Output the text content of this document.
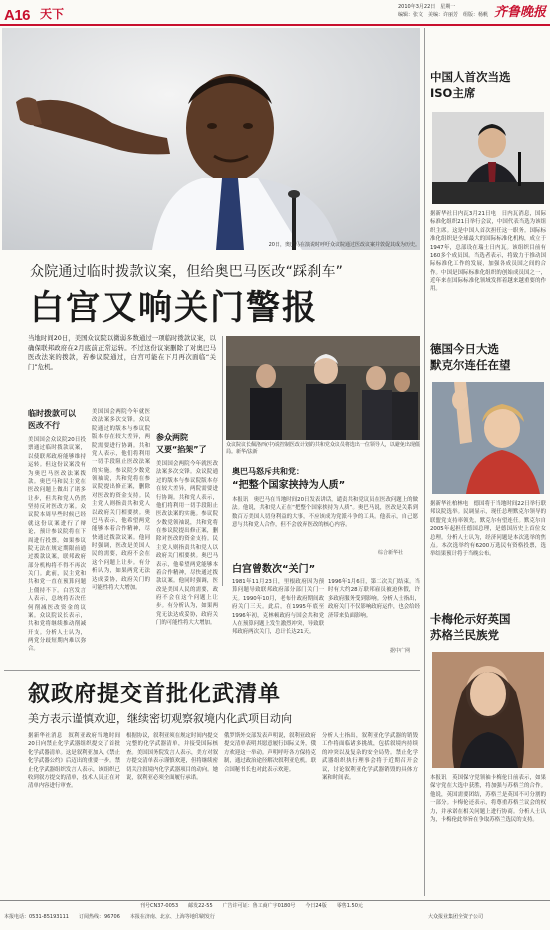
A16 天下	2010年3月22日　星期一
编辑：张文　美编：许丽芳　组版：杨帆 齐鲁晚报
20日，奥巴马在演说时呼吁众议院通过医改议案并敦促其成为历史。
众院通过临时拨款议案，但给奥巴马医改“踩刹车”
白宫又响关门警报
当地时间20日，美国众议院以微弱多数通过一项临时拨款议案，以确保联邦政府在2月底前正常运转。不过这份议案删除了对奥巴马医改法案的拨款，若参议院通过，白宫可能在下月再次面临“关门”危机。
众议院议长佩洛西(中)说控制医改计划的共和党众议员将选出一位领导人，以避免出现僵局。新华/法新
临时拨款可以
医改不行
美国国会众议院20日投票通过临时拨款议案，以使联邦政府能够维持运转。但这份议案没有为奥巴马医改法案拨款。奥巴马和民主党在医改问题上做出了诸多让步，但共和党人仍然坚持反对医改方案。众议院本周早些时候已经就这份议案进行了辩论，预计参议院将在下周进行投票。如果参议院无法在规定期限前通过拨款议案，联邦政府部分机构将不得不再次关门。此前，民主党和共和党一直在预算问题上僵持不下。白宫发言人表示，总统将否决任何削减医改资金的议案。众议院议长表示，共和党将继续推动削减开支。分析人士认为，两党分歧短期内难以弥合。
美国国会两院今年就医改法案多次交锋。众议院通过的版本与参议院版本存在较大差异，两院需要进行协调。共和党人表示，他们将利用一切手段阻止医改法案的实施。参议院少数党领袖说，共和党将在参议院提出修正案，删除对医改的资金支持。民主党人则指责共和党人以政府关门相要挟。奥巴马表示，他希望两党能够本着合作精神，尽快通过拨款议案。他同时强调，医改是美国人民的需要，政府不会在这个问题上让步。有分析认为，如果两党无法达成妥协，政府关门的可能性将大大增加。
参众两院
又要“掐架”了
美国国会两院今年就医改法案多次交锋。众议院通过的版本与参议院版本存在较大差异，两院需要进行协调。共和党人表示，他们将利用一切手段阻止医改法案的实施。参议院少数党领袖说，共和党将在参议院提出修正案，删除对医改的资金支持。民主党人则指责共和党人以政府关门相要挟。奥巴马表示，他希望两党能够本着合作精神，尽快通过拨款议案。他同时强调，医改是美国人民的需要，政府不会在这个问题上让步。有分析认为，如果两党无法达成妥协，政府关门的可能性将大大增加。
奥巴马怒斥共和党：
“把整个国家挟持为人质”
本报讯　奥巴马在当地时间20日发表讲话，谴责共和党议员在医改问题上的做法。他说，共和党人正在“把整个国家挟持为人质”。奥巴马说，医改是关系到数百万美国人切身利益的大事，不应该成为党派斗争的工具。他表示，自己愿意与共和党人合作，但不会放弃医改的核心内容。
综合新华社
白宫曾数次“关门”
1981年11月23日，里根政府因为预算问题导致联邦政府部分部门关门一天。1990年10月，老布什政府期间政府关门三天。此后，在1995年底至1996年初，克林顿政府与国会共和党人在预算问题上发生激烈冲突，导致联邦政府两次关门，总计长达21天。
1996年1月6日，第二次关门结束。当时有大约28万联邦雇员被迫休假，许多政府服务受到影响。分析人士指出，政府关门不仅影响政府运作，也会给经济带来负面影响。
据中广网
中国人首次当选
ISO主席
据新华社日内瓦3月21日电　日内瓦消息，国际标准化组织21日举行会议，中国代表当选为该组织主席。这是中国人首次担任这一职务。国际标准化组织是全球最大的国际标准化机构，成立于1947年，总部设在瑞士日内瓦。该组织目前有160多个成员国。当选者表示，将致力于推动国际标准化工作的发展，加强各成员国之间的合作。中国是国际标准化组织的创始成员国之一，近年来在国际标准化领域发挥着越来越重要的作用。
德国今日大选
默克尔连任在望
据新华社柏林电　德国将于当地时间22日举行联邦议院选举。民调显示，现任总理默克尔领导的联盟党支持率领先，默克尔有望连任。默克尔自2005年起担任德国总理，是德国历史上首位女总理。分析人士认为，经济问题是本次选举的焦点。本次选举约有6200万选民有资格投票，选举结果预计将于当晚公布。
卡梅伦示好英国
苏格兰民族党
本报讯　英国保守党领袖卡梅伦日前表示，如果保守党在大选中获胜，将加强与苏格兰的合作。他说，英国需要团结，苏格兰是英国不可分割的一部分。卡梅伦还表示，将尊重苏格兰议会的权力，并承诺在相关问题上进行协商。分析人士认为，卡梅伦此举旨在争取苏格兰选民的支持。
叙政府提交首批化武清单
美方表示谨慎欢迎，继续密切观察叙境内化武项目动向
据新华社消息　叙利亚政府当地时间20日向禁止化学武器组织提交了首批化学武器清单。这是叙利亚加入《禁止化学武器公约》后迈出的重要一步。禁止化学武器组织发言人表示，该组织已收到叙方提交的清单，技术人员正在对清单内容进行审查。
根据协议，叙利亚须在规定时间内提交完整的化学武器清单，并接受国际核查。美国国务院发言人表示，美方对叙方提交清单表示谨慎欢迎，但将继续密切关注叙境内化学武器项目的动向。她说，叙利亚必须全面履行承诺。
俄罗斯外交部发表声明说，叙利亚政府提交清单表明其愿意履行国际义务，俄方欢迎这一举动。声明呼吁各方保持克制，通过政治途径解决叙利亚危机。联合国秘书长也对此表示欢迎。
分析人士指出，叙利亚化学武器的销毁工作将面临诸多挑战，包括叙境内持续的冲突以及复杂的安全局势。禁止化学武器组织执行理事会将于近期召开会议，讨论叙利亚化学武器销毁的具体方案和时间表。
刊号CN37-0053　　邮发22-55　　广告许可证：鲁工商广字0180号　　今日24版　　零售1.50元
本报电话：0531-85193111　　订阅热线：96706　　本报在济南、北京、上海等地印刷发行	大众报业集团全资子公司
